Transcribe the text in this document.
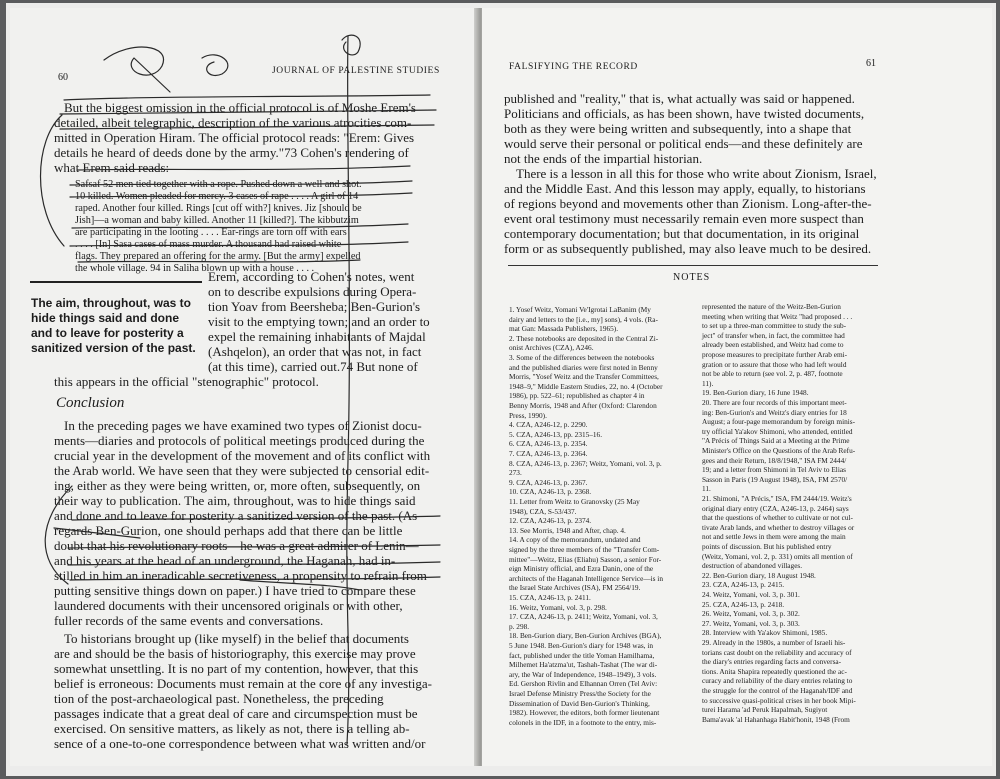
60
JOURNAL OF PALESTINE STUDIES
But the biggest omission in the official protocol is of Moshe Erem's
detailed, albeit telegraphic, description of the various atrocities com-
mitted in Operation Hiram. The official protocol reads: "Erem: Gives
details he heard of deeds done by the army."73 Cohen's rendering of
what Erem said reads:
Safsaf 52 men tied together with a rope. Pushed down a well and shot.
10 killed. Women pleaded for mercy. 3 cases of rape . . . . A girl of 14
raped. Another four killed. Rings [cut off with?] knives. Jiz [should be
Jish]—a woman and baby killed. Another 11 [killed?]. The kibbutzim
are participating in the looting . . . . Ear-rings are torn off with ears
. . . . [In] Sasa cases of mass murder. A thousand had raised white
flags. They prepared an offering for the army. [But the army] expelled
the whole village. 94 in Saliha blown up with a house . . . .
The aim, throughout, was to
hide things said and done
and to leave for posterity a
sanitized version of the past.
Erem, according to Cohen's notes, went
on to describe expulsions during Opera-
tion Yoav from Beersheba; Ben-Gurion's
visit to the emptying town; and an order to
expel the remaining inhabitants of Majdal
(Ashqelon), an order that was not, in fact
(at this time), carried out.74 But none of
this appears in the official "stenographic" protocol.
Conclusion
In the preceding pages we have examined two types of Zionist docu-
ments—diaries and protocols of political meetings produced during the
crucial year in the development of the movement and of its conflict with
the Arab world. We have seen that they were subjected to censorial edit-
ing, either as they were being written, or, more often, subsequently, on
their way to publication. The aim, throughout, was to hide things said
and done and to leave for posterity a sanitized version of the past. (As
regards Ben-Gurion, one should perhaps add that there can be little
doubt that his revolutionary roots—he was a great admirer of Lenin—
and his years at the head of an underground, the Haganah, had in-
stilled in him an ineradicable secretiveness, a propensity to refrain from
putting sensitive things down on paper.) I have tried to compare these
laundered documents with their uncensored originals or with other,
fuller records of the same events and conversations.
To historians brought up (like myself) in the belief that documents
are and should be the basis of historiography, this exercise may prove
somewhat unsettling. It is no part of my contention, however, that this
belief is erroneous: Documents must remain at the core of any investiga-
tion of the post-archaeological past. Nonetheless, the preceding
passages indicate that a great deal of care and circumspection must be
exercised. On sensitive matters, as likely as not, there is a telling ab-
sence of a one-to-one correspondence between what was written and/or
FALSIFYING THE RECORD	61
published and "reality," that is, what actually was said or happened.
Politicians and officials, as has been shown, have twisted documents,
both as they were being written and subsequently, into a shape that
would serve their personal or political ends—and these definitely are
not the ends of the impartial historian.
There is a lesson in all this for those who write about Zionism, Israel,
and the Middle East. And this lesson may apply, equally, to historians
of regions beyond and movements other than Zionism. Long-after-the-
event oral testimony must necessarily remain even more suspect than
contemporary documentation; but that documentation, in its original
form or as subsequently published, may also leave much to be desired.
NOTES
1. Yosef Weitz, Yomani Ve'Igrotai LaBanim (My
dairy and letters to the [i.e., my] sons), 4 vols. (Ra-
mat Gan: Massada Publishers, 1965).
2. These notebooks are deposited in the Central Zi-
onist Archives (CZA), A246.
3. Some of the differences between the notebooks
and the published diaries were first noted in Benny
Morris, "Yosef Weitz and the Transfer Committees,
1948–9," Middle Eastern Studies, 22, no. 4 (October
1986), pp. 522–61; republished as chapter 4 in
Benny Morris, 1948 and After (Oxford: Clarendon
Press, 1990).
4. CZA, A246-12, p. 2290.
5. CZA, A246-13, pp. 2315–16.
6. CZA, A246-13, p. 2354.
7. CZA, A246-13, p. 2364.
8. CZA, A246-13, p. 2367; Weitz, Yomani, vol. 3, p.
273.
9. CZA, A246-13, p. 2367.
10. CZA, A246-13, p. 2368.
11. Letter from Weitz to Granovsky (25 May
1948), CZA, S-53/437.
12. CZA, A246-13, p. 2374.
13. See Morris, 1948 and After, chap. 4.
14. A copy of the memorandum, undated and
signed by the three members of the "Transfer Com-
mittee"—Weitz, Elias (Eliahu) Sasson, a senior For-
eign Ministry official, and Ezra Danin, one of the
architects of the Haganah Intelligence Service—is in
the Israel State Archives (ISA), FM 2564/19.
15. CZA, A246-13, p. 2411.
16. Weitz, Yomani, vol. 3, p. 298.
17. CZA, A246-13, p. 2411; Weitz, Yomani, vol. 3,
p. 298.
18. Ben-Gurion diary, Ben-Gurion Archives (BGA),
5 June 1948. Ben-Gurion's diary for 1948 was, in
fact, published under the title Yoman Hamilhama,
Milhemet Ha'atzma'ut, Tashah-Tashat (The war di-
ary, the War of Independence, 1948–1949), 3 vols.
Ed. Gershon Rivlin and Elhannan Orren (Tel Aviv:
Israel Defense Ministry Press/the Society for the
Dissemination of David Ben-Gurion's Thinking,
1982). However, the editors, both former lieutenant
colonels in the IDF, in a footnote to the entry, mis-
represented the nature of the Weitz-Ben-Gurion
meeting when writing that Weitz "had proposed . . .
to set up a three-man committee to study the sub-
ject" of transfer when, in fact, the committee had
already been established, and Weitz had come to
propose measures to precipitate further Arab emi-
gration or to assure that those who had left would
not be able to return (see vol. 2, p. 487, footnote
11).
19. Ben-Gurion diary, 16 June 1948.
20. There are four records of this important meet-
ing: Ben-Gurion's and Weitz's diary entries for 18
August; a four-page memorandum by foreign minis-
try official Ya'akov Shimoni, who attended, entitled
"A Précis of Things Said at a Meeting at the Prime
Minister's Office on the Questions of the Arab Refu-
gees and their Return, 18/8/1948," ISA FM 2444/
19; and a letter from Shimoni in Tel Aviv to Elias
Sasson in Paris (19 August 1948), ISA, FM 2570/
11.
21. Shimoni, "A Précis," ISA, FM 2444/19. Weitz's
original diary entry (CZA, A246-13, p. 2464) says
that the questions of whether to cultivate or not cul-
tivate Arab lands, and whether to destroy villages or
not and settle Jews in them were among the main
points of discussion. But his published entry
(Weitz, Yomani, vol. 2, p. 331) omits all mention of
destruction of abandoned villages.
22. Ben-Gurion diary, 18 August 1948.
23. CZA, A246-13, p. 2415.
24. Weitz, Yomani, vol. 3, p. 301.
25. CZA, A246-13, p. 2418.
26. Weitz, Yomani, vol. 3, p. 302.
27. Weitz, Yomani, vol. 3, p. 303.
28. Interview with Ya'akov Shimoni, 1985.
29. Already in the 1980s, a number of Israeli his-
torians cast doubt on the reliability and accuracy of
the diary's entries regarding facts and conversa-
tions. Anita Shapira repeatedly questioned the ac-
curacy and reliability of the diary entries relating to
the struggle for the control of the Haganah/IDF and
to successive quasi-political crises in her book Mipi-
turei Harama 'ad Peruk Hapalmah, Sugiyot
Bama'avak 'al Hahanhaga Habit'honit, 1948 (From
